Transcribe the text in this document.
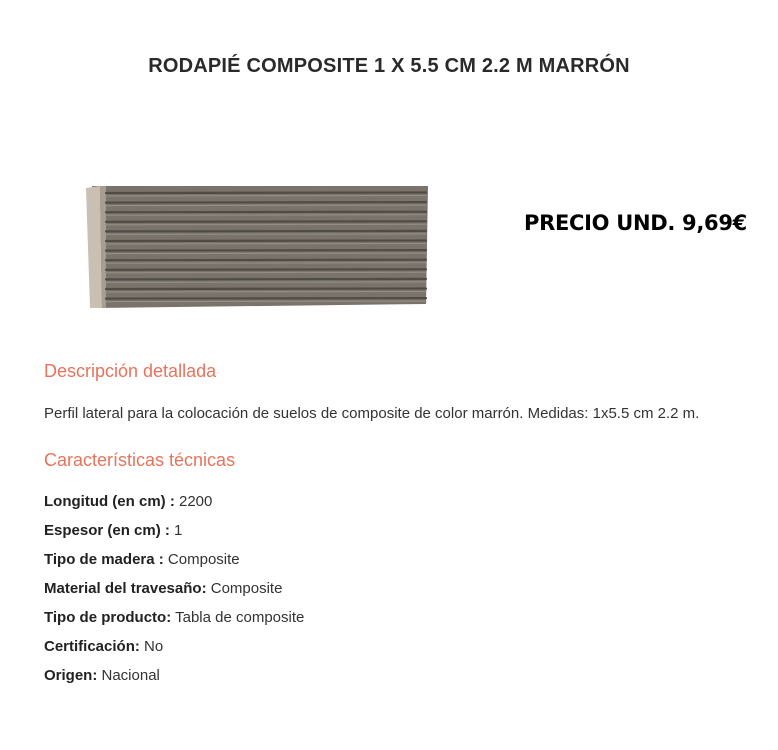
RODAPIÉ COMPOSITE 1 X 5.5 CM 2.2 M MARRÓN
PRECIO UND. 9,69€
Descripción detallada
Perfil lateral para la colocación de suelos de composite de color marrón. Medidas: 1x5.5 cm 2.2 m.
Características técnicas
Longitud (en cm) : 2200
Espesor (en cm) : 1
Tipo de madera : Composite
Material del travesaño: Composite
Tipo de producto: Tabla de composite
Certificación: No
Origen: Nacional
